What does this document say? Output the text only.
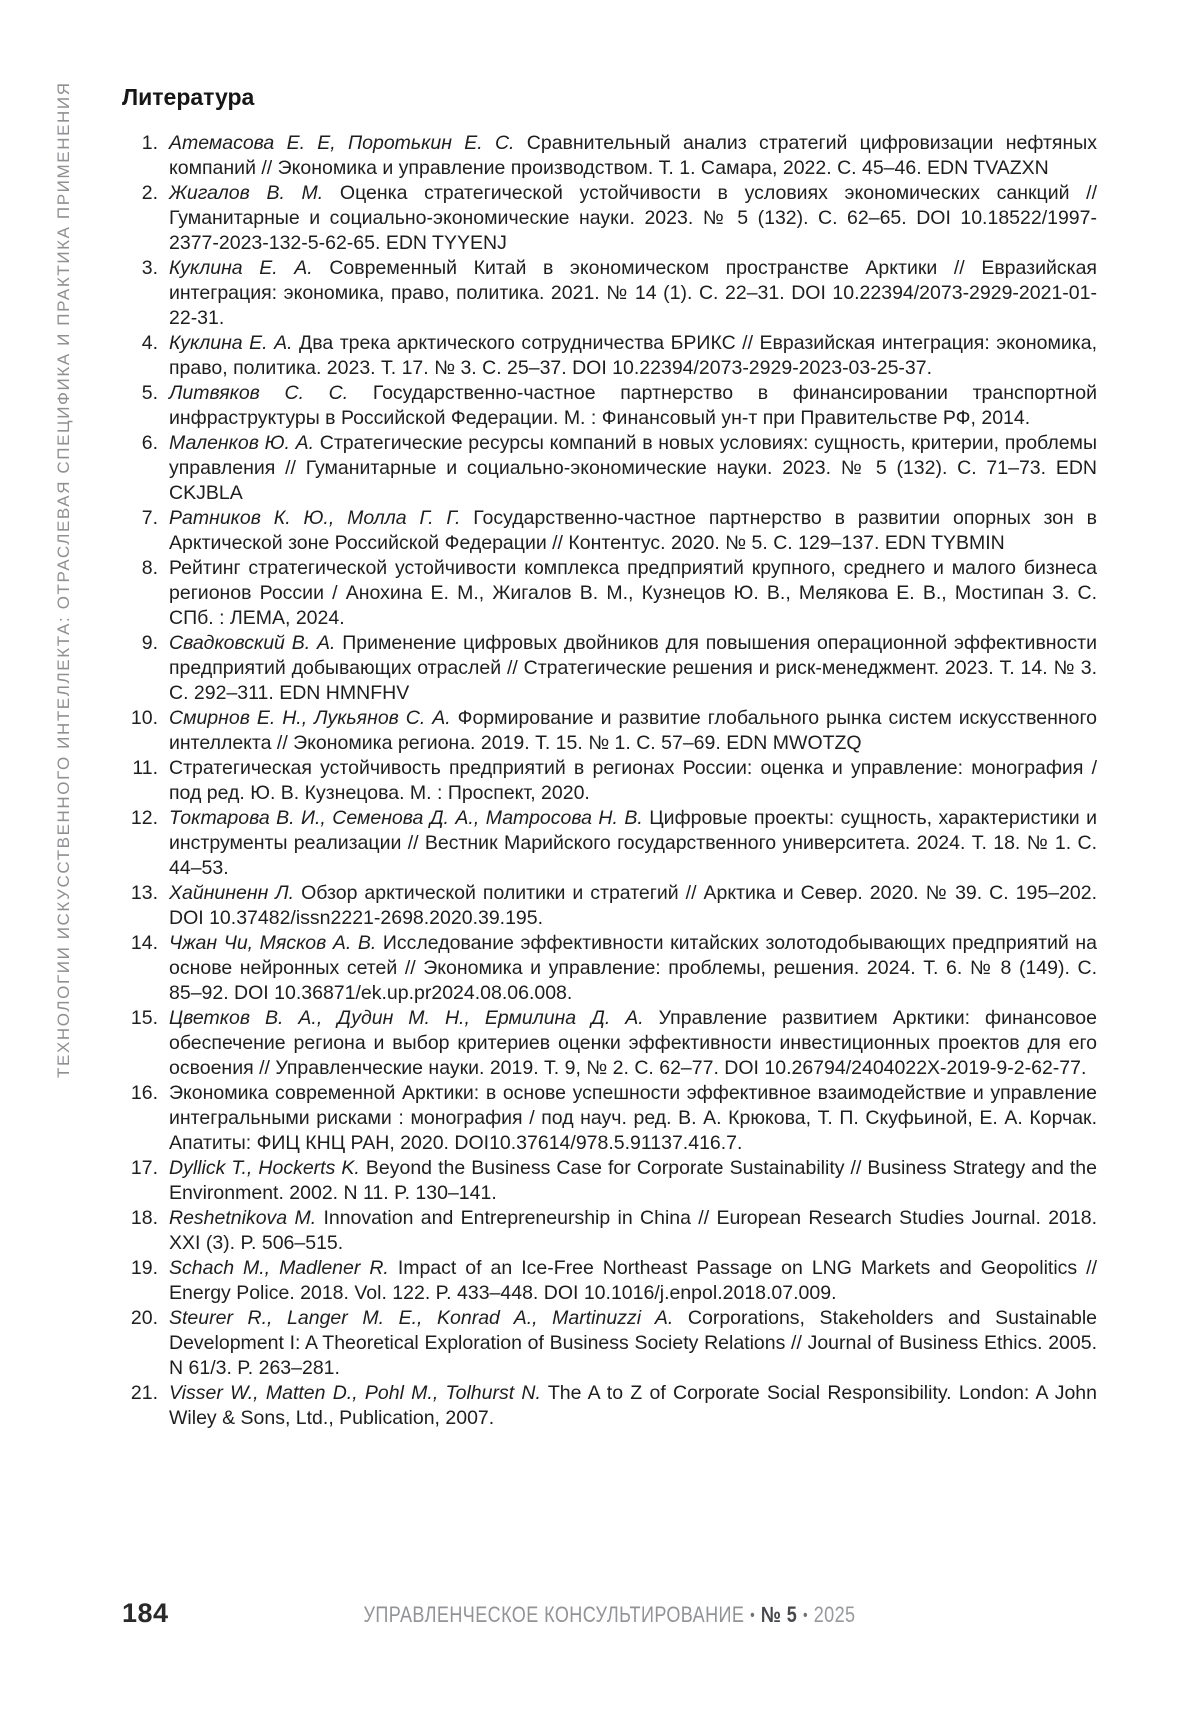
ТЕХНОЛОГИИ ИСКУССТВЕННОГО ИНТЕЛЛЕКТА: ОТРАСЛЕВАЯ СПЕЦИФИКА И ПРАКТИКА ПРИМЕНЕНИЯ Литература
1. Атемасова Е. Е, Поротькин Е. С. Сравнительный анализ стратегий цифровизации нефтяных компаний // Экономика и управление производством. Т. 1. Самара, 2022. С. 45–46. EDN TVAZXN
2. Жигалов В. М. Оценка стратегической устойчивости в условиях экономических санкций // Гуманитарные и социально-экономические науки. 2023. № 5 (132). С. 62–65. DOI 10.18522/1997-2377-2023-132-5-62-65. EDN TYYENJ
3. Куклина Е. А. Современный Китай в экономическом пространстве Арктики // Евразийская интеграция: экономика, право, политика. 2021. № 14 (1). С. 22–31. DOI 10.22394/2073-2929-2021-01-22-31.
4. Куклина Е. А. Два трека арктического сотрудничества БРИКС // Евразийская интеграция: экономика, право, политика. 2023. Т. 17. № 3. С. 25–37. DOI 10.22394/2073-2929-2023-03-25-37.
5. Литвяков С. С. Государственно-частное партнерство в финансировании транспортной инфраструктуры в Российской Федерации. М. : Финансовый ун-т при Правительстве РФ, 2014.
6. Маленков Ю. А. Стратегические ресурсы компаний в новых условиях: сущность, критерии, проблемы управления // Гуманитарные и социально-экономические науки. 2023. № 5 (132). С. 71–73. EDN CKJBLA
7. Ратников К. Ю., Молла Г. Г. Государственно-частное партнерство в развитии опорных зон в Арктической зоне Российской Федерации // Контентус. 2020. № 5. С. 129–137. EDN TYBMIN
8. Рейтинг стратегической устойчивости комплекса предприятий крупного, среднего и малого бизнеса регионов России / Анохина Е. М., Жигалов В. М., Кузнецов Ю. В., Мелякова Е. В., Мостипан З. С. СПб. : ЛЕМА, 2024.
9. Свадковский В. А. Применение цифровых двойников для повышения операционной эффективности предприятий добывающих отраслей // Стратегические решения и риск-менеджмент. 2023. Т. 14. № 3. С. 292–311. EDN HMNFHV
10. Смирнов Е. Н., Лукьянов С. А. Формирование и развитие глобального рынка систем искусственного интеллекта // Экономика региона. 2019. Т. 15. № 1. С. 57–69. EDN MWOTZQ
11. Стратегическая устойчивость предприятий в регионах России: оценка и управление: монография / под ред. Ю. В. Кузнецова. М. : Проспект, 2020.
12. Токтарова В. И., Семенова Д. А., Матросова Н. В. Цифровые проекты: сущность, характеристики и инструменты реализации // Вестник Марийского государственного университета. 2024. Т. 18. № 1. С. 44–53.
13. Хайниненн Л. Обзор арктической политики и стратегий // Арктика и Север. 2020. № 39. С. 195–202. DOI 10.37482/issn2221-2698.2020.39.195.
14. Чжан Чи, Мясков А. В. Исследование эффективности китайских золотодобывающих предприятий на основе нейронных сетей // Экономика и управление: проблемы, решения. 2024. Т. 6. № 8 (149). С. 85–92. DOI 10.36871/ek.up.pr2024.08.06.008.
15. Цветков В. А., Дудин М. Н., Ермилина Д. А. Управление развитием Арктики: финансовое обеспечение региона и выбор критериев оценки эффективности инвестиционных проектов для его освоения // Управленческие науки. 2019. Т. 9, № 2. С. 62–77. DOI 10.26794/2404022X-2019-9-2-62-77.
16. Экономика современной Арктики: в основе успешности эффективное взаимодействие и управление интегральными рисками : монография / под науч. ред. В. А. Крюкова, Т. П. Скуфьиной, Е. А. Корчак. Апатиты: ФИЦ КНЦ РАН, 2020. DOI10.37614/978.5.91137.416.7.
17. Dyllick T., Hockerts K. Beyond the Business Case for Corporate Sustainability // Business Strategy and the Environment. 2002. N 11. P. 130–141.
18. Reshetnikova M. Innovation and Entrepreneurship in China // European Research Studies Journal. 2018. XXI (3). P. 506–515.
19. Schach M., Madlener R. Impact of an Ice-Free Northeast Passage on LNG Markets and Geopolitics // Energy Police. 2018. Vol. 122. P. 433–448. DOI 10.1016/j.enpol.2018.07.009.
20. Steurer R., Langer M. E., Konrad A., Martinuzzi A. Corporations, Stakeholders and Sustainable Development I: A Theoretical Exploration of Business Society Relations // Journal of Business Ethics. 2005. N 61/3. P. 263–281.
21. Visser W., Matten D., Pohl M., Tolhurst N. The A to Z of Corporate Social Responsibility. London: A John Wiley & Sons, Ltd., Publication, 2007.
184	УПРАВЛЕНЧЕСКОЕ КОНСУЛЬТИРОВАНИЕ • № 5 • 2025
